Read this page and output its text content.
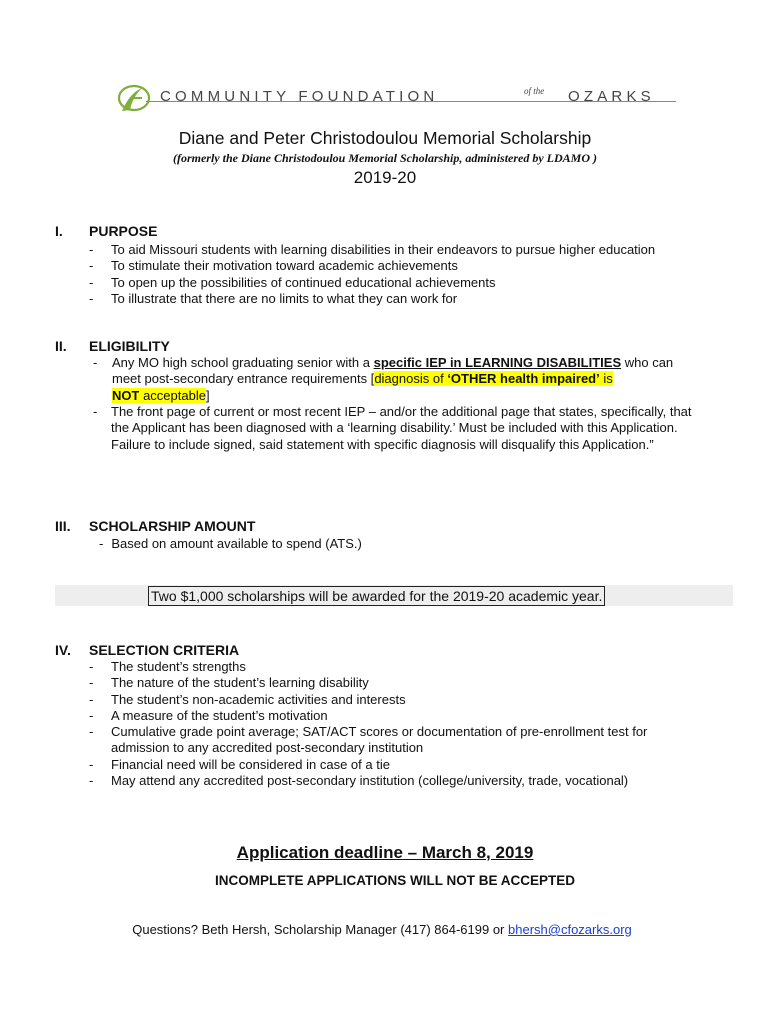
COMMUNITY FOUNDATION	of the OZARKS
Diane and Peter Christodoulou Memorial Scholarship
(formerly the Diane Christodoulou Memorial Scholarship, administered by LDAMO )
2019-20
I. PURPOSE
- To aid Missouri students with learning disabilities in their endeavors to pursue higher education
- To stimulate their motivation toward academic achievements
- To open up the possibilities of continued educational achievements
- To illustrate that there are no limits to what they can work for
II. ELIGIBILITY
-	Any MO high school graduating senior with a specific IEP in LEARNING DISABILITIES who can meet post-secondary entrance requirements [diagnosis of ‘OTHER health impaired’ is
NOT acceptable]
-	The front page of current or most recent IEP – and/or the additional page that states, specifically, that the Applicant has been diagnosed with a ‘learning disability.’ Must be included with this Application. Failure to include signed, said statement with specific diagnosis will disqualify this Application.”
III. SCHOLARSHIP AMOUNT
- Based on amount available to spend (ATS.)
Two $1,000 scholarships will be awarded for the 2019-20 academic year.
IV. SELECTION CRITERIA
- The student’s strengths
- The nature of the student’s learning disability
- The student’s non-academic activities and interests
- A measure of the student’s motivation
- Cumulative grade point average; SAT/ACT scores or documentation of pre-enrollment test for admission to any accredited post-secondary institution
- Financial need will be considered in case of a tie
- May attend any accredited post-secondary institution (college/university, trade, vocational)
Application deadline – March 8, 2019
INCOMPLETE APPLICATIONS WILL NOT BE ACCEPTED
Questions? Beth Hersh, Scholarship Manager (417) 864-6199 or bhersh@cfozarks.org
